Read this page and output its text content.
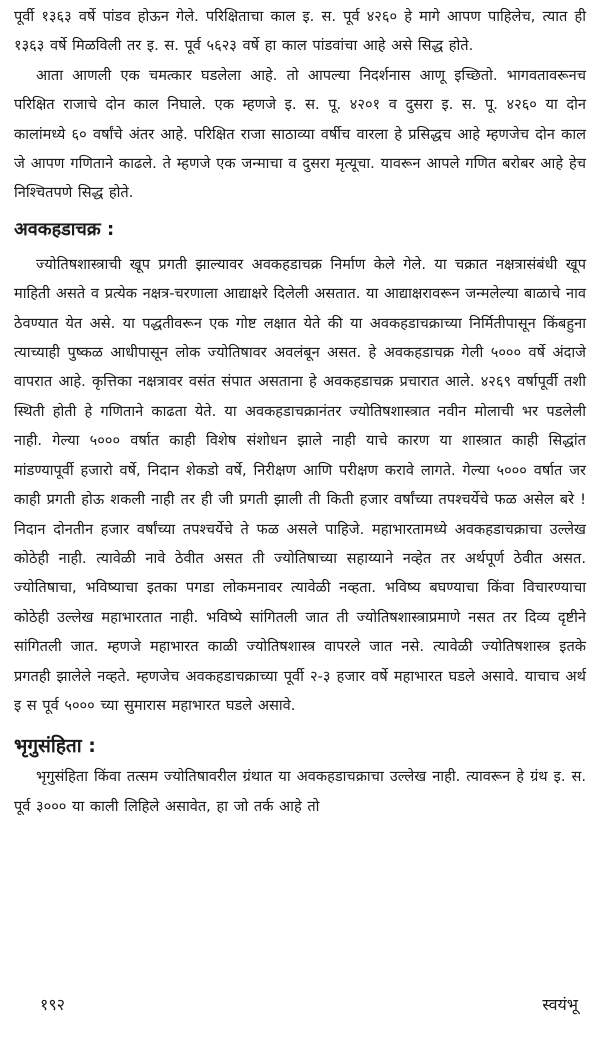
पूर्वी १३६३ वर्षे पांडव होऊन गेले. परिक्षिताचा काल इ. स. पूर्व ४२६० हे मागे आपण पाहिलेच, त्यात ही १३६३ वर्षे मिळविली तर इ. स. पूर्व ५६२३ वर्षे हा काल पांडवांचा आहे असे सिद्ध होते.

आता आणली एक चमत्कार घडलेला आहे. तो आपल्या निदर्शनास आणू इच्छितो. भागवतावरूनच परिक्षित राजाचे दोन काल निघाले. एक म्हणजे इ. स. पू. ४२०१ व दुसरा इ. स. पू. ४२६० या दोन कालांमध्ये ६० वर्षांचे अंतर आहे. परिक्षित राजा साठाव्या वर्षीच वारला हे प्रसिद्धच आहे म्हणजेच दोन काल जे आपण गणिताने काढले. ते म्हणजे एक जन्माचा व दुसरा मृत्यूचा. यावरून आपले गणित बरोबर आहे हेच निश्चितपणे सिद्ध होते.

अवकहडाचक्र :

ज्योतिषशास्त्राची खूप प्रगती झाल्यावर अवकहडाचक्र निर्माण केले गेले. या चक्रात नक्षत्रासंबंधी खूप माहिती असते व प्रत्येक नक्षत्र-चरणाला आद्याक्षरे दिलेली असतात. या आद्याक्षरावरून जन्मलेल्या बाळाचे नाव ठेवण्यात येत असे. या पद्धतीवरून एक गोष्ट लक्षात येते की या अवकहडाचक्राच्या निर्मितीपासून किंबहुना त्याच्याही पुष्कळ आधीपासून लोक ज्योतिषावर अवलंबून असत. हे अवकहडाचक्र गेली ५००० वर्षे अंदाजे वापरात आहे. कृत्तिका नक्षत्रावर वसंत संपात असताना हे अवकहडाचक्र प्रचारात आले. ४२६९ वर्षापूर्वी तशी स्थिती होती हे गणिताने काढता येते. या अवकहडाचक्रानंतर ज्योतिषशास्त्रात नवीन मोलाची भर पडलेली नाही. गेल्या ५००० वर्षात काही विशेष संशोधन झाले नाही याचे कारण या शास्त्रात काही सिद्धांत मांडण्यापूर्वी हजारो वर्षे, निदान शेकडो वर्षे, निरीक्षण आणि परीक्षण करावे लागते. गेल्या ५००० वर्षात जर काही प्रगती होऊ शकली नाही तर ही जी प्रगती झाली ती किती हजार वर्षांच्या तपश्चर्येचे फळ असेल बरे ! निदान दोनतीन हजार वर्षांच्या तपश्चर्येचे ते फळ असले पाहिजे. महाभारतामध्ये अवकहडाचक्राचा उल्लेख कोठेही नाही. त्यावेळी नावे ठेवीत असत ती ज्योतिषाच्या सहाय्याने नव्हेत तर अर्थपूर्ण ठेवीत असत. ज्योतिषाचा, भविष्याचा इतका पगडा लोकमनावर त्यावेळी नव्हता. भविष्य बघण्याचा किंवा विचारण्याचा कोठेही उल्लेख महाभारतात नाही. भविष्ये सांगितली जात ती ज्योतिषशास्त्राप्रमाणे नसत तर दिव्य दृष्टीने सांगितली जात. म्हणजे महाभारत काळी ज्योतिषशास्त्र वापरले जात नसे. त्यावेळी ज्योतिषशास्त्र इतके प्रगतही झालेले नव्हते. म्हणजेच अवकहडाचक्राच्या पूर्वी २-३ हजार वर्षे महाभारत घडले असावे. याचाच अर्थ इ स पूर्व ५००० च्या सुमारास महाभारत घडले असावे.

भृगुसंहिता :

भृगुसंहिता किंवा तत्सम ज्योतिषावरील ग्रंथात या अवकहडाचक्राचा उल्लेख नाही. त्यावरून हे ग्रंथ इ. स. पूर्व ३००० या काली लिहिले असावेत, हा जो तर्क आहे तो

१९२	स्वयंभू
